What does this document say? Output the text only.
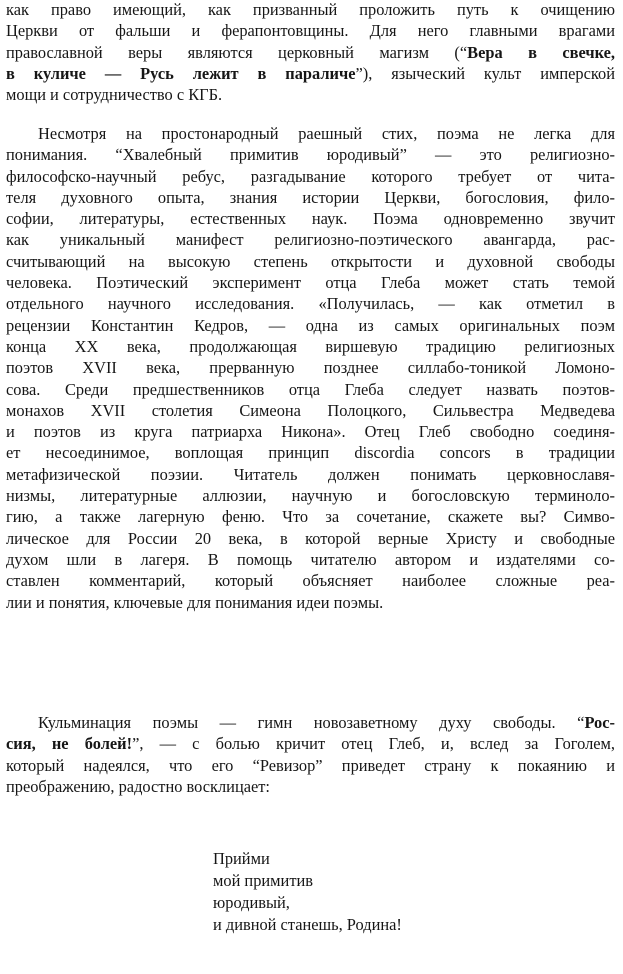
как право имеющий, как призванный проложить путь к очищению
Церкви от фальши и ферапонтовщины. Для него главными врагами
православной веры являются церковный магизм (“Вера в свечке,
в куличе — Русь лежит в параличе”), языческий культ имперской
мощи и сотрудничество с КГБ.
Несмотря на простонародный раешный стих, поэма не легка для
понимания. “Хвалебный примитив юродивый” — это религиозно-
философско-научный ребус, разгадывание которого требует от чита-
теля духовного опыта, знания истории Церкви, богословия, фило-
софии, литературы, естественных наук. Поэма одновременно звучит
как уникальный манифест религиозно-поэтического авангарда, рас-
считывающий на высокую степень открытости и духовной свободы
человека. Поэтический эксперимент отца Глеба может стать темой
отдельного научного исследования. «Получилась, — как отметил в
рецензии Константин Кедров, — одна из самых оригинальных поэм
конца XX века, продолжающая виршевую традицию религиозных
поэтов XVII века, прерванную позднее силлабо-тоникой Ломоно-
сова. Среди предшественников отца Глеба следует назвать поэтов-
монахов XVII столетия Симеона Полоцкого, Сильвестра Медведева
и поэтов из круга патриарха Никона». Отец Глеб свободно соединя-
ет несоединимое, воплощая принцип discordia concors в традиции
метафизической поэзии. Читатель должен понимать церковнославя-
низмы, литературные аллюзии, научную и богословскую терминоло-
гию, а также лагерную феню. Что за сочетание, скажете вы? Симво-
лическое для России 20 века, в которой верные Христу и свободные
духом шли в лагеря. В помощь читателю автором и издателями со-
ставлен комментарий, который объясняет наиболее сложные реа-
лии и понятия, ключевые для понимания идеи поэмы.
Кульминация поэмы — гимн новозаветному духу свободы. “Рос-
сия, не болей!”, — с болью кричит отец Глеб, и, вслед за Гоголем,
который надеялся, что его “Ревизор” приведет страну к покаянию и
преображению, радостно восклицает:
Прийми
мой примитив
юродивый,
и дивной станешь, Родина!
